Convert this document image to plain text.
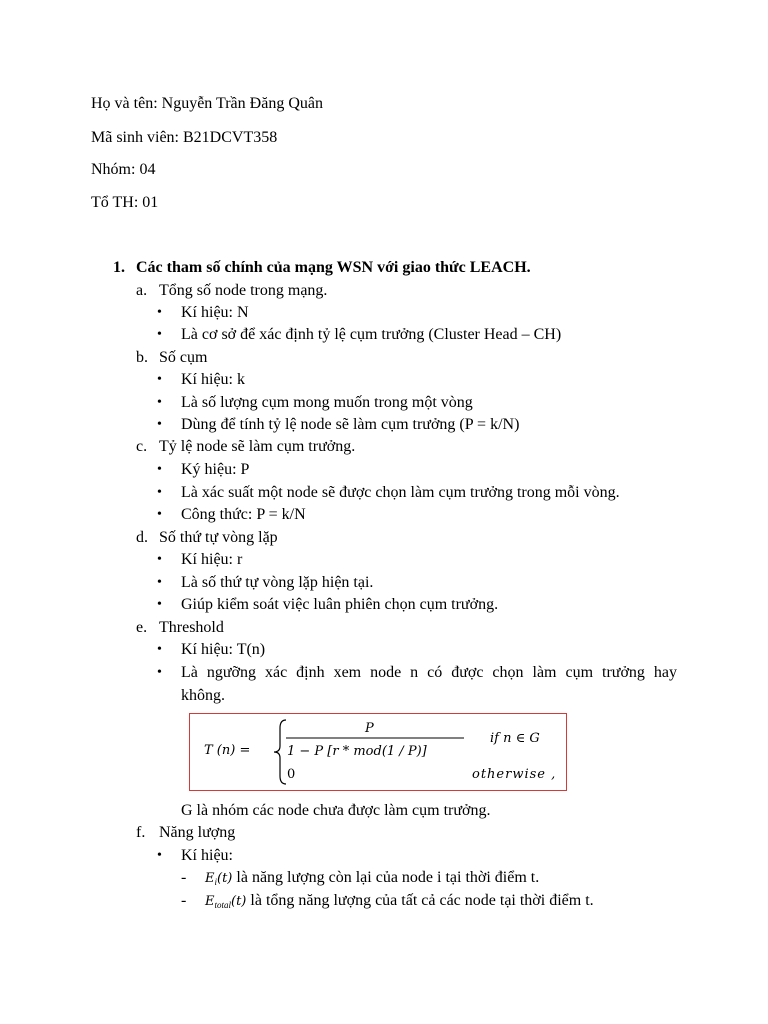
Họ và tên: Nguyễn Trần Đăng Quân
Mã sinh viên: B21DCVT358
Nhóm: 04
Tổ TH: 01
1. Các tham số chính của mạng WSN với giao thức LEACH.
a. Tổng số node trong mạng.
• Kí hiệu: N
• Là cơ sở để xác định tỷ lệ cụm trưởng (Cluster Head – CH)
b. Số cụm
• Kí hiệu: k
• Là số lượng cụm mong muốn trong một vòng
• Dùng để tính tỷ lệ node sẽ làm cụm trưởng (P = k/N)
c. Tỷ lệ node sẽ làm cụm trưởng.
• Ký hiệu: P
• Là xác suất một node sẽ được chọn làm cụm trưởng trong mỗi vòng.
• Công thức: P = k/N
d. Số thứ tự vòng lặp
• Kí hiệu: r
• Là số thứ tự vòng lặp hiện tại.
• Giúp kiểm soát việc luân phiên chọn cụm trưởng.
e. Threshold
• Kí hiệu: T(n)
• Là ngưỡng xác định xem node n có được chọn làm cụm trưởng hay
không.
T (n) =
P
1 − P [r * mod(1 / P)]
if n ∈ G
0	otherwise ,
G là nhóm các node chưa được làm cụm trưởng.
f. Năng lượng
• Kí hiệu:
- $E_i(t)$ là năng lượng còn lại của node i tại thời điểm t.
- $E_{total}(t)$ là tổng năng lượng của tất cả các node tại thời điểm t.
